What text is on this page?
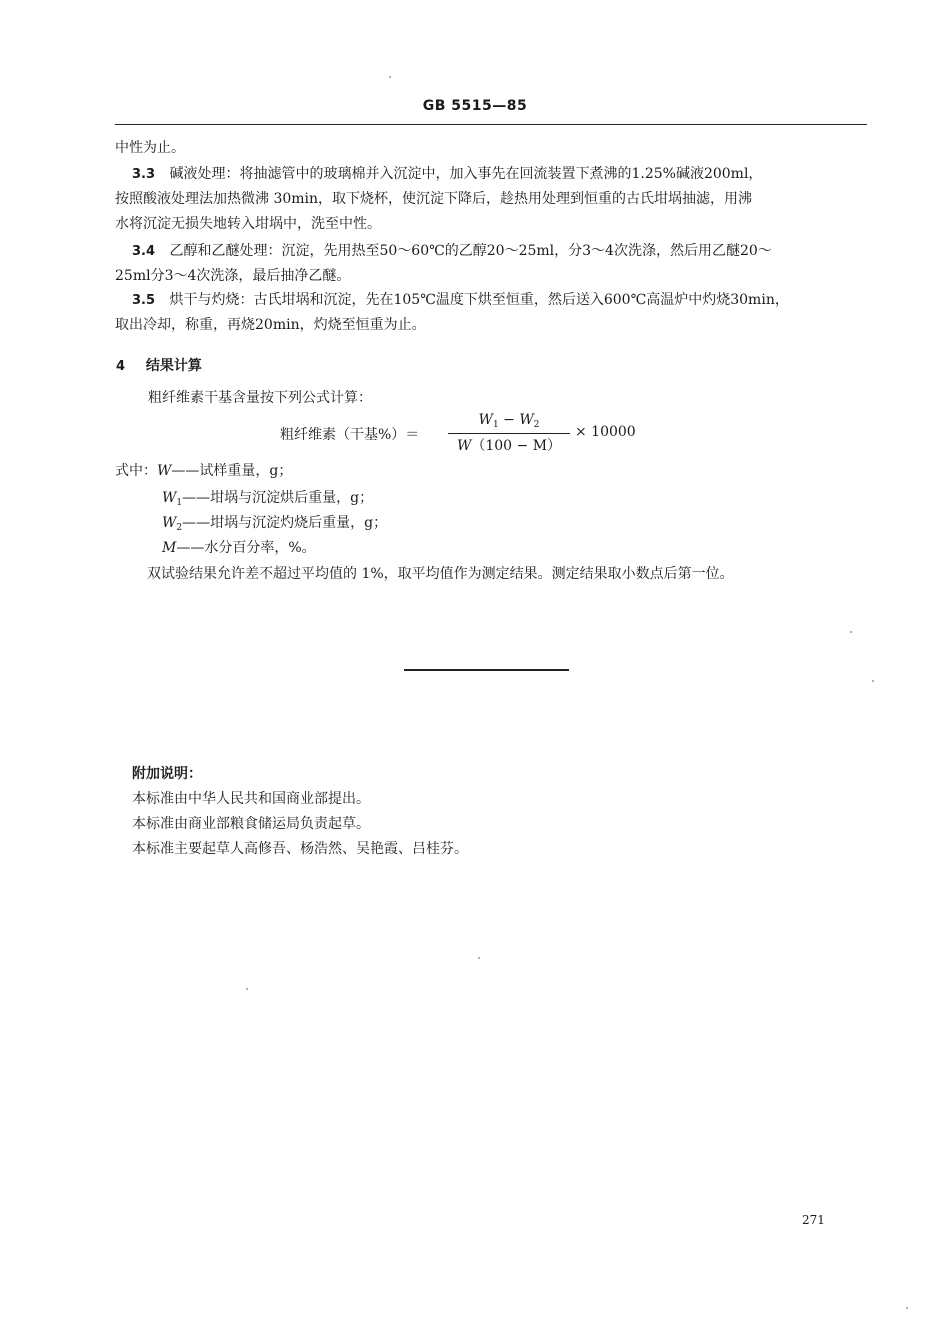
GB 5515—85
中性为止。
3.3 碱液处理：将抽滤管中的玻璃棉并入沉淀中，加入事先在回流装置下煮沸的1.25%碱液200ml，
按照酸液处理法加热微沸 30min，取下烧杯，使沉淀下降后，趁热用处理到恒重的古氏坩埚抽滤，用沸
水将沉淀无损失地转入坩埚中，洗至中性。
3.4 乙醇和乙醚处理：沉淀，先用热至50～60℃的乙醇20～25ml，分3～4次洗涤，然后用乙醚20～
25ml分3～4次洗涤，最后抽净乙醚。
3.5 烘干与灼烧：古氏坩埚和沉淀，先在105℃温度下烘至恒重，然后送入600℃高温炉中灼烧30min，
取出冷却，称重，再烧20min，灼烧至恒重为止。
4 结果计算
粗纤维素干基含量按下列公式计算：
粗纤维素（干基%）＝
$W_1 - W_2$
W（100 − M）
× 10000
式中：W——试样重量，g；
$W_1——$坩埚与沉淀烘后重量，g；
$W_2——$坩埚与沉淀灼烧后重量，g；
M——水分百分率，%。
双试验结果允许差不超过平均值的 1%，取平均值作为测定结果。测定结果取小数点后第一位。
附加说明：
本标准由中华人民共和国商业部提出。
本标准由商业部粮食储运局负责起草。
本标准主要起草人高修吾、杨浩然、吴艳霞、吕桂芬。
271
